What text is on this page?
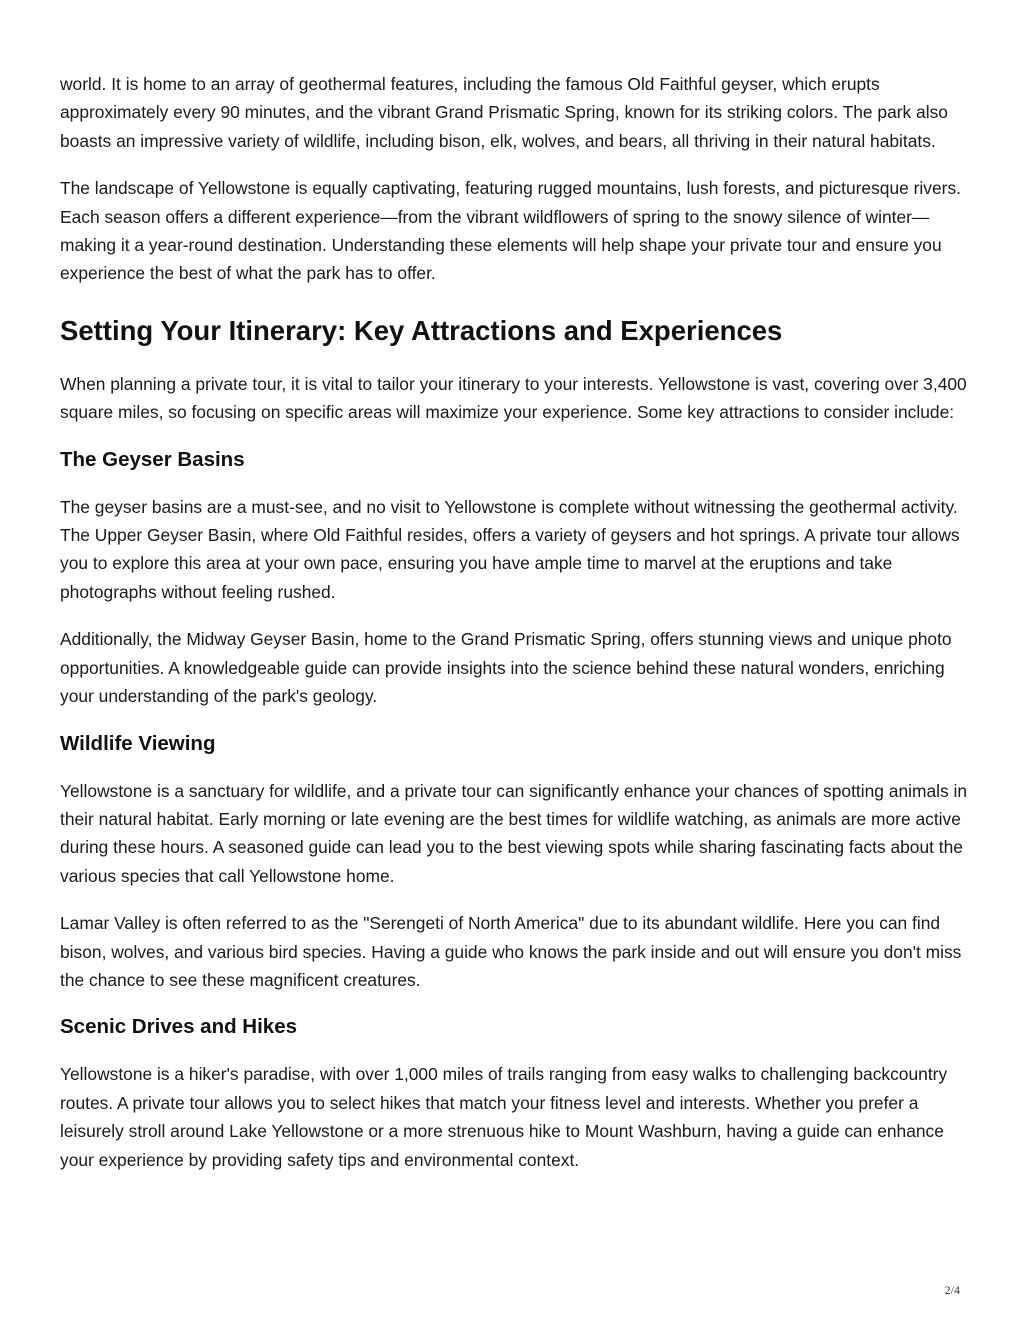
world. It is home to an array of geothermal features, including the famous Old Faithful geyser, which erupts approximately every 90 minutes, and the vibrant Grand Prismatic Spring, known for its striking colors. The park also boasts an impressive variety of wildlife, including bison, elk, wolves, and bears, all thriving in their natural habitats.

The landscape of Yellowstone is equally captivating, featuring rugged mountains, lush forests, and picturesque rivers. Each season offers a different experience—from the vibrant wildflowers of spring to the snowy silence of winter—making it a year-round destination. Understanding these elements will help shape your private tour and ensure you experience the best of what the park has to offer.

Setting Your Itinerary: Key Attractions and Experiences

When planning a private tour, it is vital to tailor your itinerary to your interests. Yellowstone is vast, covering over 3,400 square miles, so focusing on specific areas will maximize your experience. Some key attractions to consider include:

The Geyser Basins

The geyser basins are a must-see, and no visit to Yellowstone is complete without witnessing the geothermal activity. The Upper Geyser Basin, where Old Faithful resides, offers a variety of geysers and hot springs. A private tour allows you to explore this area at your own pace, ensuring you have ample time to marvel at the eruptions and take photographs without feeling rushed.

Additionally, the Midway Geyser Basin, home to the Grand Prismatic Spring, offers stunning views and unique photo opportunities. A knowledgeable guide can provide insights into the science behind these natural wonders, enriching your understanding of the park's geology.

Wildlife Viewing

Yellowstone is a sanctuary for wildlife, and a private tour can significantly enhance your chances of spotting animals in their natural habitat. Early morning or late evening are the best times for wildlife watching, as animals are more active during these hours. A seasoned guide can lead you to the best viewing spots while sharing fascinating facts about the various species that call Yellowstone home.

Lamar Valley is often referred to as the "Serengeti of North America" due to its abundant wildlife. Here you can find bison, wolves, and various bird species. Having a guide who knows the park inside and out will ensure you don't miss the chance to see these magnificent creatures.

Scenic Drives and Hikes

Yellowstone is a hiker's paradise, with over 1,000 miles of trails ranging from easy walks to challenging backcountry routes. A private tour allows you to select hikes that match your fitness level and interests. Whether you prefer a leisurely stroll around Lake Yellowstone or a more strenuous hike to Mount Washburn, having a guide can enhance your experience by providing safety tips and environmental context.

2/4
